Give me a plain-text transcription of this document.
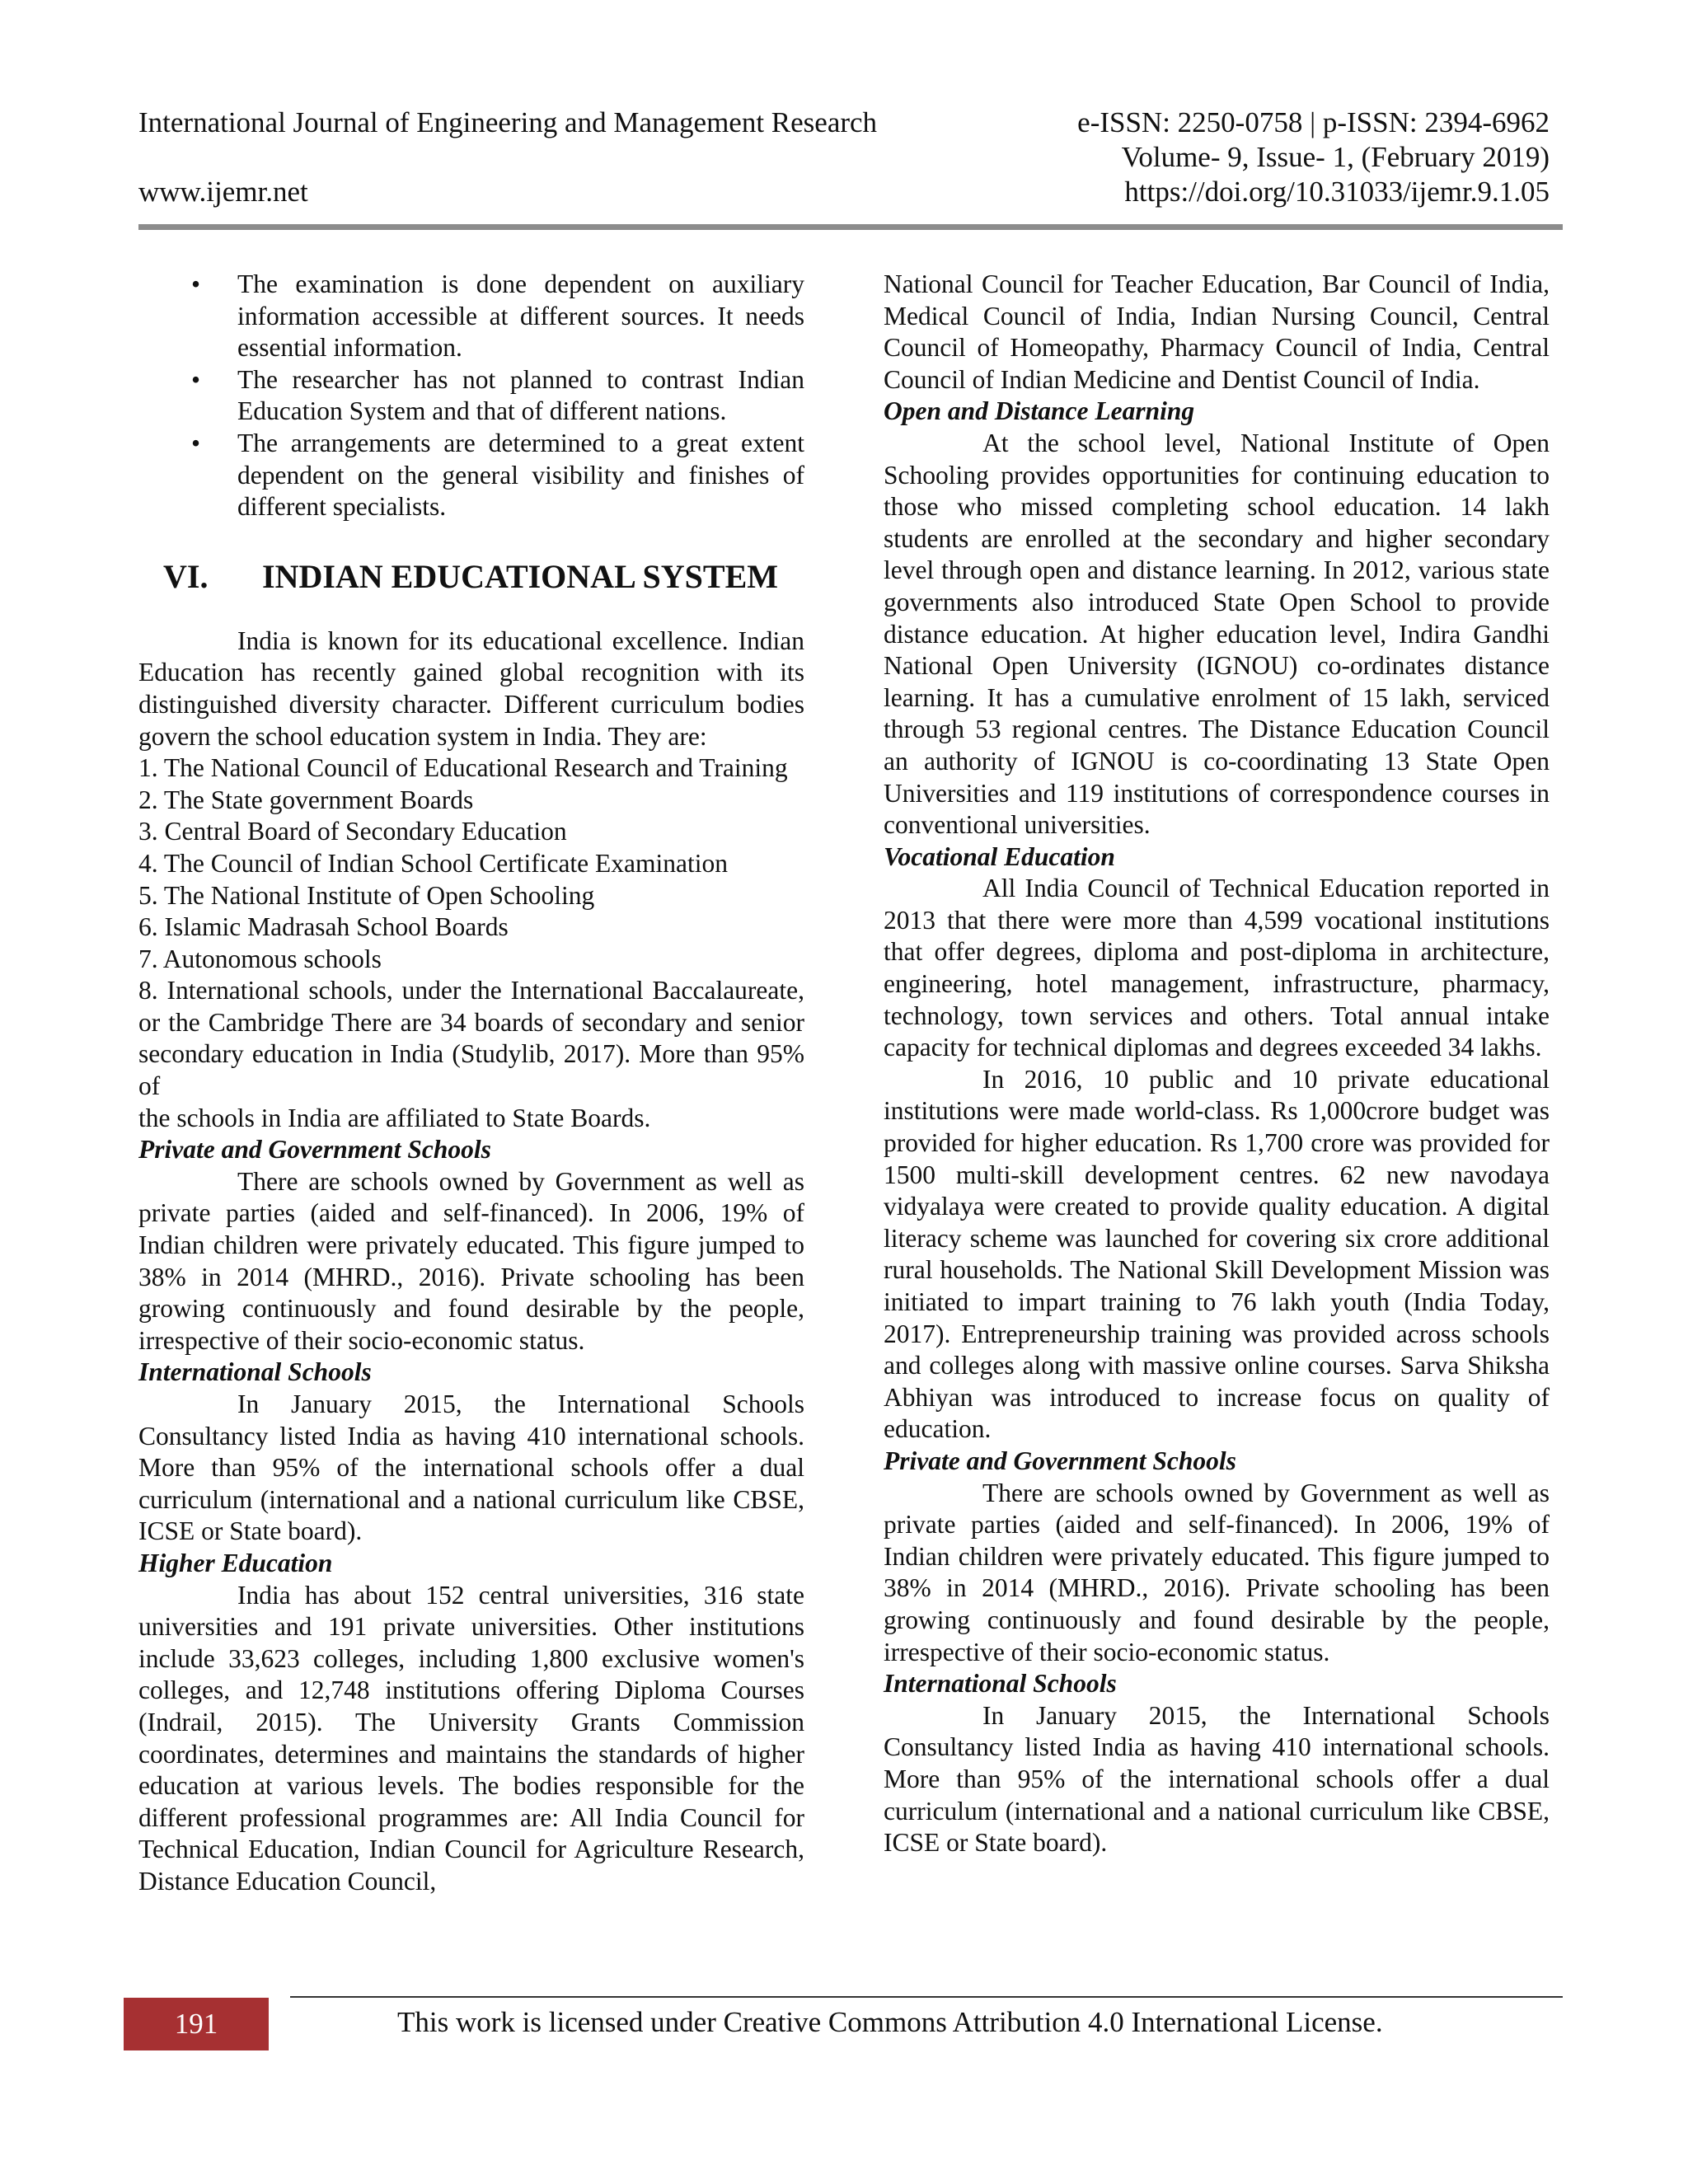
International Journal of Engineering and Management Research	e-ISSN: 2250-0758 | p-ISSN: 2394-6962
Volume- 9, Issue- 1, (February 2019)
www.ijemr.net	https://doi.org/10.31033/ijemr.9.1.05
• The examination is done dependent on auxiliary information accessible at different sources. It needs essential information.
• The researcher has not planned to contrast Indian Education System and that of different nations.
• The arrangements are determined to a great extent dependent on the general visibility and finishes of different specialists.
VI.	INDIAN EDUCATIONAL SYSTEM

India is known for its educational excellence. Indian Education has recently gained global recognition with its distinguished diversity character. Different curriculum bodies govern the school education system in India. They are:

1. The National Council of Educational Research and Training
2. The State government Boards
3. Central Board of Secondary Education
4. The Council of Indian School Certificate Examination
5. The National Institute of Open Schooling
6. Islamic Madrasah School Boards
7. Autonomous schools
8. International schools, under the International Baccalaureate, or the Cambridge There are 34 boards of secondary and senior secondary education in India (Studylib, 2017). More than 95% of

the schools in India are affiliated to State Boards.

Private and Government Schools

There are schools owned by Government as well as private parties (aided and self-financed). In 2006, 19% of Indian children were privately educated. This figure jumped to 38% in 2014 (MHRD., 2016). Private schooling has been growing continuously and found desirable by the people, irrespective of their socio-economic status.

International Schools

In January 2015, the International Schools Consultancy listed India as having 410 international schools. More than 95% of the international schools offer a dual curriculum (international and a national curriculum like CBSE, ICSE or State board).

Higher Education

India has about 152 central universities, 316 state universities and 191 private universities. Other institutions include 33,623 colleges, including 1,800 exclusive women's colleges, and 12,748 institutions offering Diploma Courses (Indrail, 2015). The University Grants Commission coordinates, determines and maintains the standards of higher education at various levels. The bodies responsible for the different professional programmes are: All India Council for Technical Education, Indian Council for Agriculture Research, Distance Education Council,

National Council for Teacher Education, Bar Council of India, Medical Council of India, Indian Nursing Council, Central Council of Homeopathy, Pharmacy Council of India, Central Council of Indian Medicine and Dentist Council of India.

Open and Distance Learning

At the school level, National Institute of Open Schooling provides opportunities for continuing education to those who missed completing school education. 14 lakh students are enrolled at the secondary and higher secondary level through open and distance learning. In 2012, various state governments also introduced State Open School to provide distance education. At higher education level, Indira Gandhi National Open University (IGNOU) co-ordinates distance learning. It has a cumulative enrolment of 15 lakh, serviced through 53 regional centres. The Distance Education Council an authority of IGNOU is co-coordinating 13 State Open Universities and 119 institutions of correspondence courses in conventional universities.

Vocational Education

All India Council of Technical Education reported in 2013 that there were more than 4,599 vocational institutions that offer degrees, diploma and post-diploma in architecture, engineering, hotel management, infrastructure, pharmacy, technology, town services and others. Total annual intake capacity for technical diplomas and degrees exceeded 34 lakhs.

In 2016, 10 public and 10 private educational institutions were made world-class. Rs 1,000crore budget was provided for higher education. Rs 1,700 crore was provided for 1500 multi-skill development centres. 62 new navodaya vidyalaya were created to provide quality education. A digital literacy scheme was launched for covering six crore additional rural households. The National Skill Development Mission was initiated to impart training to 76 lakh youth (India Today, 2017). Entrepreneurship training was provided across schools and colleges along with massive online courses. Sarva Shiksha Abhiyan was introduced to increase focus on quality of education.

Private and Government Schools

There are schools owned by Government as well as private parties (aided and self-financed). In 2006, 19% of Indian children were privately educated. This figure jumped to 38% in 2014 (MHRD., 2016). Private schooling has been growing continuously and found desirable by the people, irrespective of their socio-economic status.

International Schools

In January 2015, the International Schools Consultancy listed India as having 410 international schools. More than 95% of the international schools offer a dual curriculum (international and a national curriculum like CBSE, ICSE or State board).

191	This work is licensed under Creative Commons Attribution 4.0 International License.
